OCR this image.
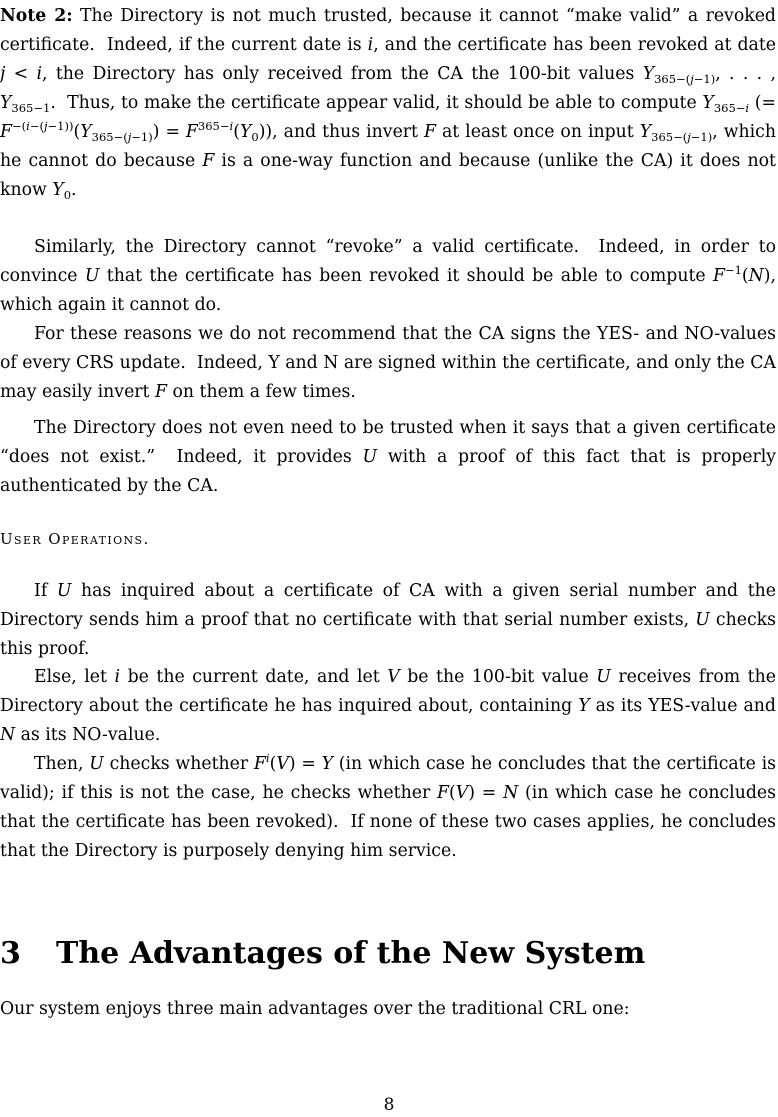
Note 2: The Directory is not much trusted, because it cannot “make valid” a revoked certificate.  Indeed, if the current date is i, and the certificate has been revoked at date j < i, the Directory has only received from the CA the 100-bit values $Y_{365-(j-1)}$, . . . , $Y_{365-1}$.  Thus, to make the certificate appear valid, it should be able to compute $Y_{365-i}$ (= $F^{-(i-(j-1))}(Y_{365-(j-1)}) = F^{365-i}(Y_0)$), and thus invert F at least once on input $Y_{365-(j-1)}$, which he cannot do because F is a one-way function and because (unlike the CA) it does not know $Y_0$.
Similarly, the Directory cannot “revoke” a valid certificate.  Indeed, in order to convince U that the certificate has been revoked it should be able to compute $F^{-1}(N)$, which again it cannot do.
For these reasons we do not recommend that the CA signs the YES- and NO-values of every CRS update.  Indeed, Y and N are signed within the certificate, and only the CA may easily invert F on them a few times.
The Directory does not even need to be trusted when it says that a given certificate “does not exist.”  Indeed, it provides U with a proof of this fact that is properly authenticated by the CA.
User Operations.
If U has inquired about a certificate of CA with a given serial number and the Directory sends him a proof that no certificate with that serial number exists, U checks this proof.
Else, let i be the current date, and let V be the 100-bit value U receives from the Directory about the certificate he has inquired about, containing Y as its YES-value and N as its NO-value.
Then, U checks whether $F^i(V) = Y$ (in which case he concludes that the certificate is valid); if this is not the case, he checks whether F(V) = N (in which case he concludes that the certificate has been revoked).  If none of these two cases applies, he concludes that the Directory is purposely denying him service.
3 The Advantages of the New System
Our system enjoys three main advantages over the traditional CRL one:
8
